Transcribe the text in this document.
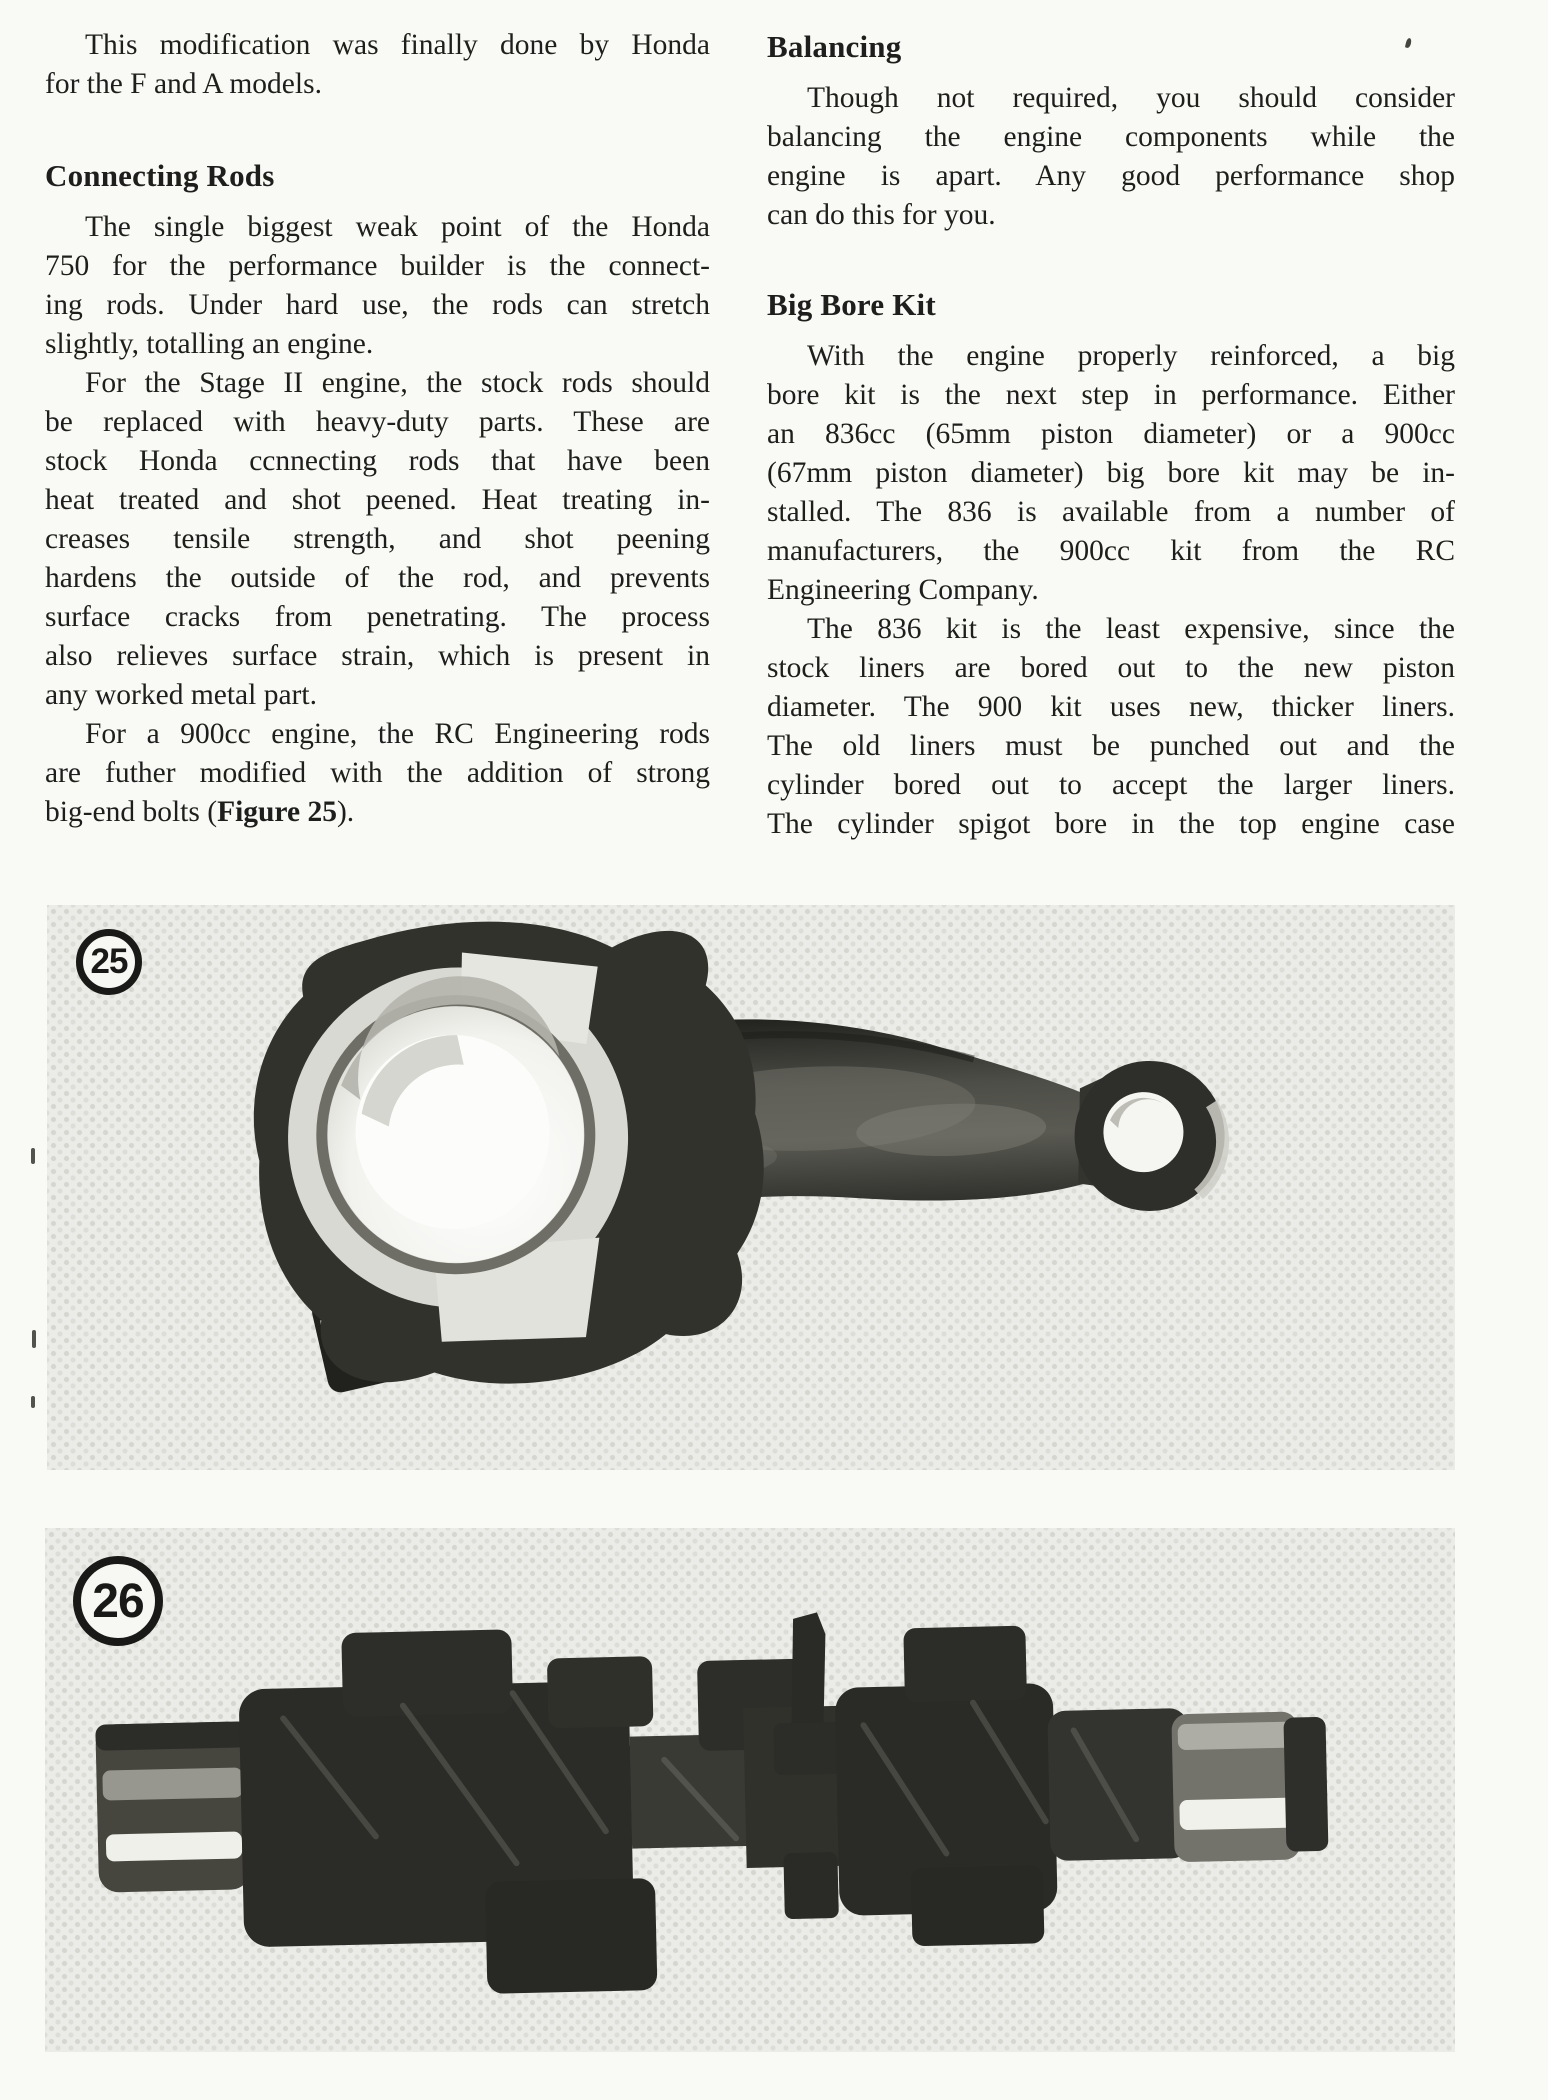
This modification was finally done by Honda
for the F and A models.
Connecting Rods
The single biggest weak point of the Honda
750 for the performance builder is the connect-
ing rods. Under hard use, the rods can stretch
slightly, totalling an engine.
For the Stage II engine, the stock rods should
be replaced with heavy-duty parts. These are
stock Honda ccnnecting rods that have been
heat treated and shot peened. Heat treating in-
creases tensile strength, and shot peening
hardens the outside of the rod, and prevents
surface cracks from penetrating. The process
also relieves surface strain, which is present in
any worked metal part.
For a 900cc engine, the RC Engineering rods
are futher modified with the addition of strong
big-end bolts (Figure 25).
Balancing
Though not required, you should consider
balancing the engine components while the
engine is apart. Any good performance shop
can do this for you.
Big Bore Kit
With the engine properly reinforced, a big
bore kit is the next step in performance. Either
an 836cc (65mm piston diameter) or a 900cc
(67mm piston diameter) big bore kit may be in-
stalled. The 836 is available from a number of
manufacturers, the 900cc kit from the RC
Engineering Company.
The 836 kit is the least expensive, since the
stock liners are bored out to the new piston
diameter. The 900 kit uses new, thicker liners.
The old liners must be punched out and the
cylinder bored out to accept the larger liners.
The cylinder spigot bore in the top engine case
25
26
